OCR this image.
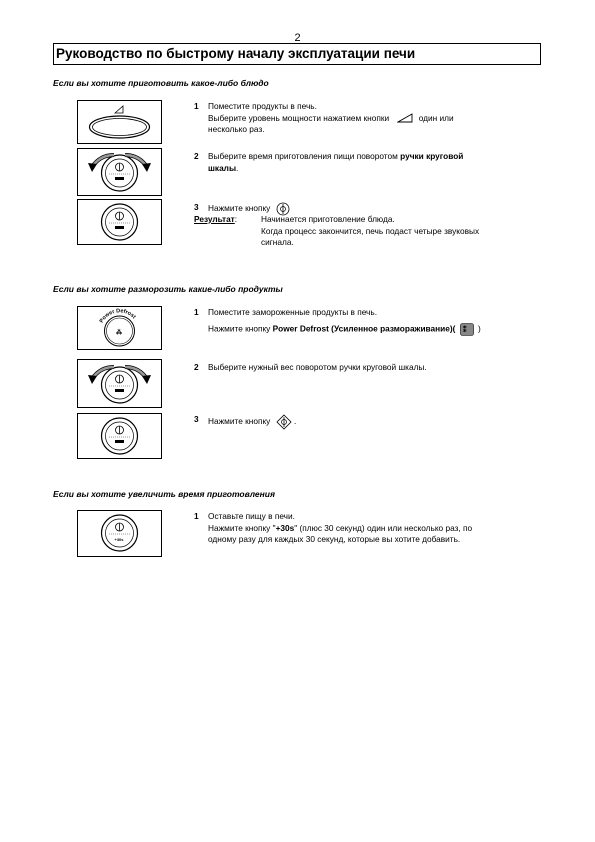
2
Руководство по быстрому началу эксплуатации печи
Если вы хотите приготовить какое-либо блюдо
1 Поместите продукты в печь.
Выберите уровень мощности нажатием кнопки	один или
несколько раз.
2 Выберите время приготовления пищи поворотом ручки круговой
шкалы.
3 Нажмите кнопку
Результат:	Начинается приготовление блюда.
Когда процесс закончится, печь подаст четыре звуковых
сигнала.
Если вы хотите разморозить какие-либо продукты
Power Defrost
⁂
1 Поместите замороженные продукты в печь.
Нажмите кнопку Power Defrost (Усиленное размораживание)( ⁑ )
2 Выберите нужный вес поворотом ручки круговой шкалы.
3 Нажмите кнопку	.
Если вы хотите увеличить время приготовления
+30s
1 Оставьте пищу в печи.
Нажмите кнопку "+30s" (плюс 30 секунд) один или несколько раз, по
одному разу для каждых 30 секунд, которые вы хотите добавить.
